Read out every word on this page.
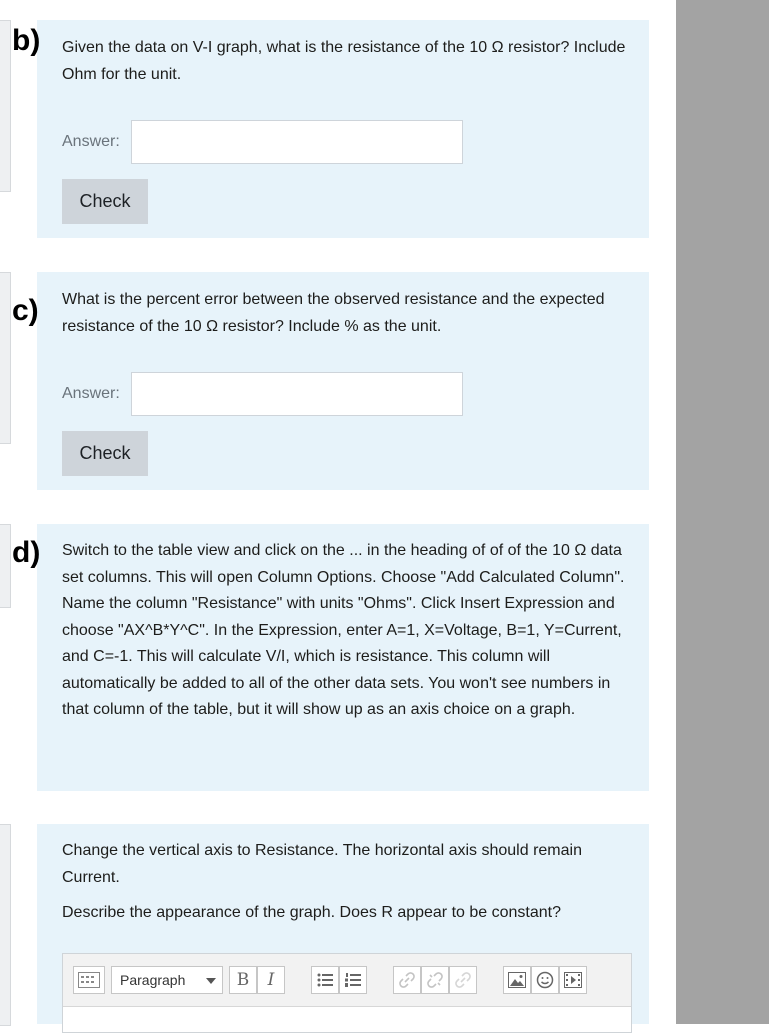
b) Given the data on V-I graph, what is the resistance of the 10 Ω resistor? Include Ohm for the unit.
Answer:
Check
c) What is the percent error between the observed resistance and the expected resistance of the 10 Ω resistor? Include % as the unit.
Answer:
Check
d) Switch to the table view and click on the ... in the heading of of of the 10 Ω data set columns. This will open Column Options. Choose "Add Calculated Column". Name the column "Resistance" with units "Ohms". Click Insert Expression and choose "AX^B*Y^C". In the Expression, enter A=1, X=Voltage, B=1, Y=Current, and C=-1. This will calculate V/I, which is resistance. This column will automatically be added to all of the other data sets. You won't see numbers in that column of the table, but it will show up as an axis choice on a graph.
Change the vertical axis to Resistance. The horizontal axis should remain Current.
Describe the appearance of the graph. Does R appear to be constant?
Paragraph	B	I
